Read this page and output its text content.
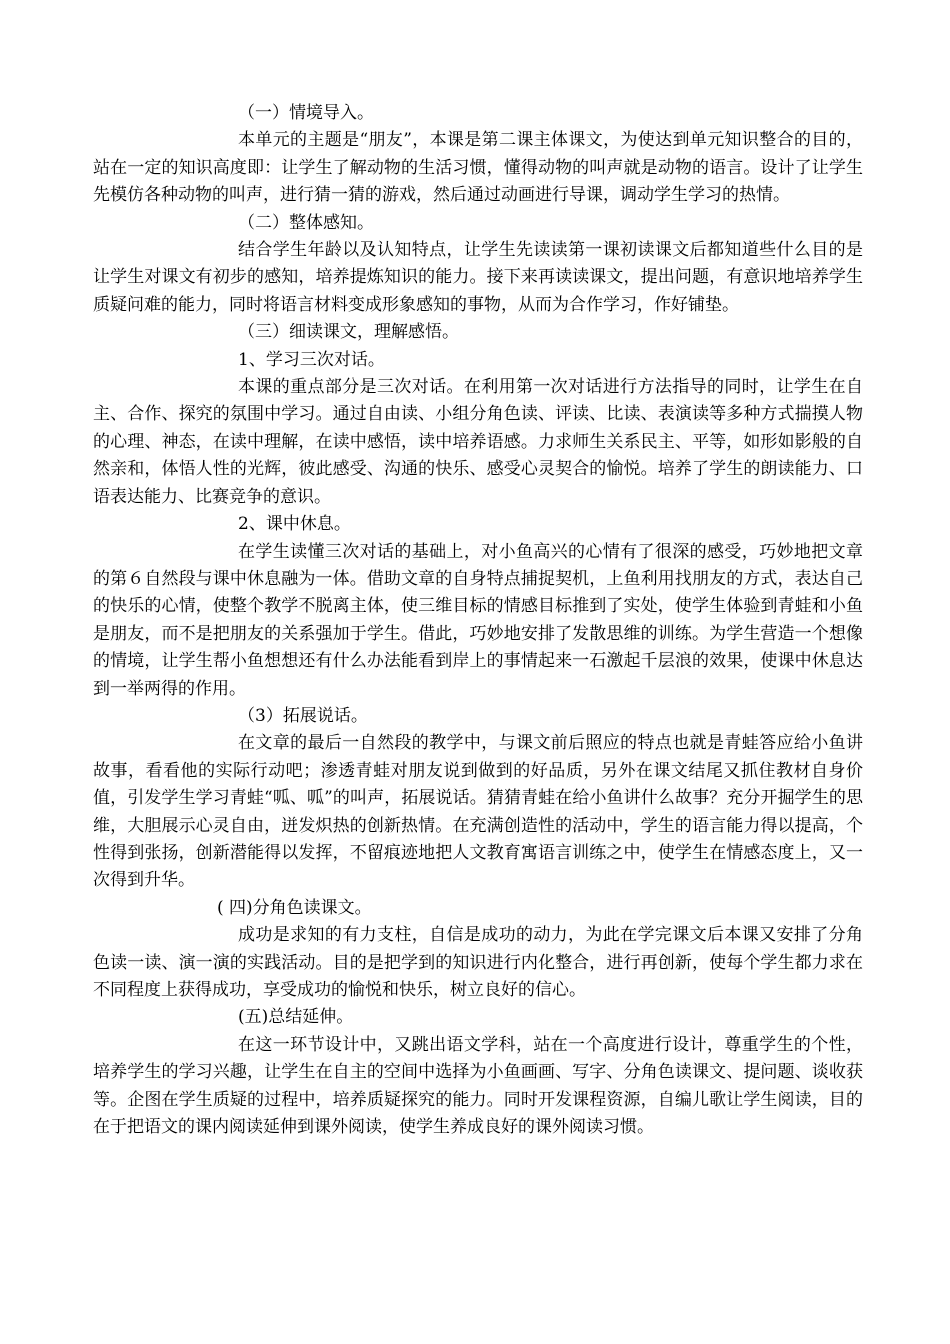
（一）情境导入。

本单元的主题是“朋友”，本课是第二课主体课文，为使达到单元知识整合的目的，站在一定的知识高度即：让学生了解动物的生活习惯，懂得动物的叫声就是动物的语言。设计了让学生先模仿各种动物的叫声，进行猜一猜的游戏，然后通过动画进行导课，调动学生学习的热情。

（二）整体感知。

结合学生年龄以及认知特点，让学生先读读第一课初读课文后都知道些什么目的是让学生对课文有初步的感知，培养提炼知识的能力。接下来再读读课文，提出问题，有意识地培养学生质疑问难的能力，同时将语言材料变成形象感知的事物，从而为合作学习，作好铺垫。

（三）细读课文，理解感悟。

1、学习三次对话。

本课的重点部分是三次对话。在利用第一次对话进行方法指导的同时，让学生在自主、合作、探究的氛围中学习。通过自由读、小组分角色读、评读、比读、表演读等多种方式揣摸人物的心理、神态，在读中理解，在读中感悟，读中培养语感。力求师生关系民主、平等，如形如影般的自然亲和，体悟人性的光辉，彼此感受、沟通的快乐、感受心灵契合的愉悦。培养了学生的朗读能力、口语表达能力、比赛竞争的意识。

2、课中休息。

在学生读懂三次对话的基础上，对小鱼高兴的心情有了很深的感受，巧妙地把文章的第６自然段与课中休息融为一体。借助文章的自身特点捕捉契机，上鱼利用找朋友的方式，表达自己的快乐的心情，使整个教学不脱离主体，使三维目标的情感目标推到了实处，使学生体验到青蛙和小鱼是朋友，而不是把朋友的关系强加于学生。借此，巧妙地安排了发散思维的训练。为学生营造一个想像的情境，让学生帮小鱼想想还有什么办法能看到岸上的事情起来一石激起千层浪的效果，使课中休息达到一举两得的作用。

（3）拓展说话。

在文章的最后一自然段的教学中，与课文前后照应的特点也就是青蛙答应给小鱼讲故事，看看他的实际行动吧；渗透青蛙对朋友说到做到的好品质，另外在课文结尾又抓住教材自身价值，引发学生学习青蛙“呱、呱”的叫声，拓展说话。猜猜青蛙在给小鱼讲什么故事？充分开掘学生的思维，大胆展示心灵自由，迸发炽热的创新热情。在充满创造性的活动中，学生的语言能力得以提高，个性得到张扬，创新潜能得以发挥，不留痕迹地把人文教育寓语言训练之中，使学生在情感态度上，又一次得到升华。

( 四)分角色读课文。

成功是求知的有力支柱，自信是成功的动力，为此在学完课文后本课又安排了分角色读一读、演一演的实践活动。目的是把学到的知识进行内化整合，进行再创新，使每个学生都力求在不同程度上获得成功，享受成功的愉悦和快乐，树立良好的信心。

(五)总结延伸。

在这一环节设计中，又跳出语文学科，站在一个高度进行设计，尊重学生的个性，培养学生的学习兴趣，让学生在自主的空间中选择为小鱼画画、写字、分角色读课文、提问题、谈收获等。企图在学生质疑的过程中，培养质疑探究的能力。同时开发课程资源，自编儿歌让学生阅读，目的在于把语文的课内阅读延伸到课外阅读，使学生养成良好的课外阅读习惯。
